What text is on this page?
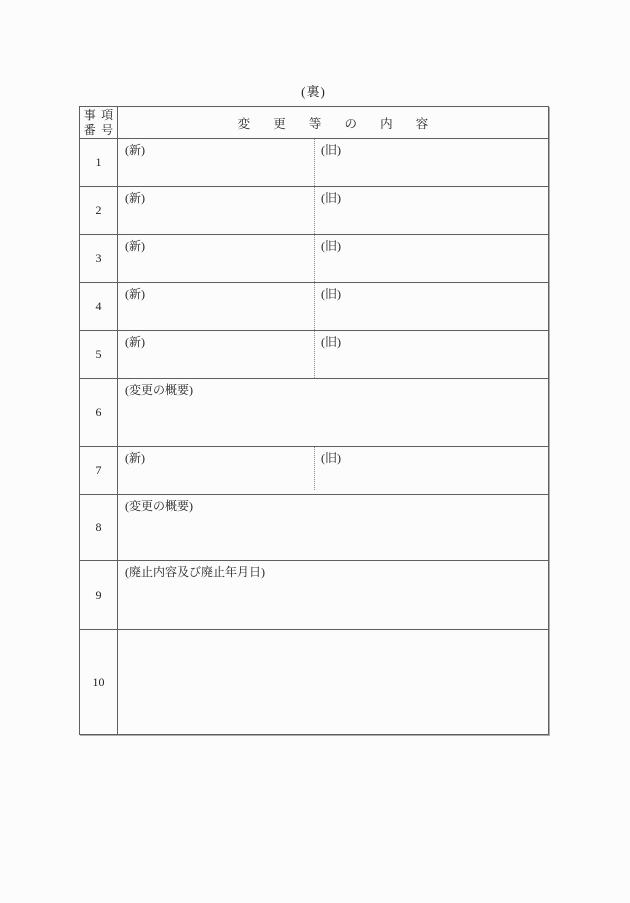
(裏)
事項
番号	変更等の内容
1	(新) (旧)

2	(新) (旧)

3	(新) (旧)

4	(新) (旧)

5	(新) (旧)

6	(変更の概要)
7	(新) (旧)

8	(変更の概要)
9	(廃止内容及び廃止年月日)
10	
